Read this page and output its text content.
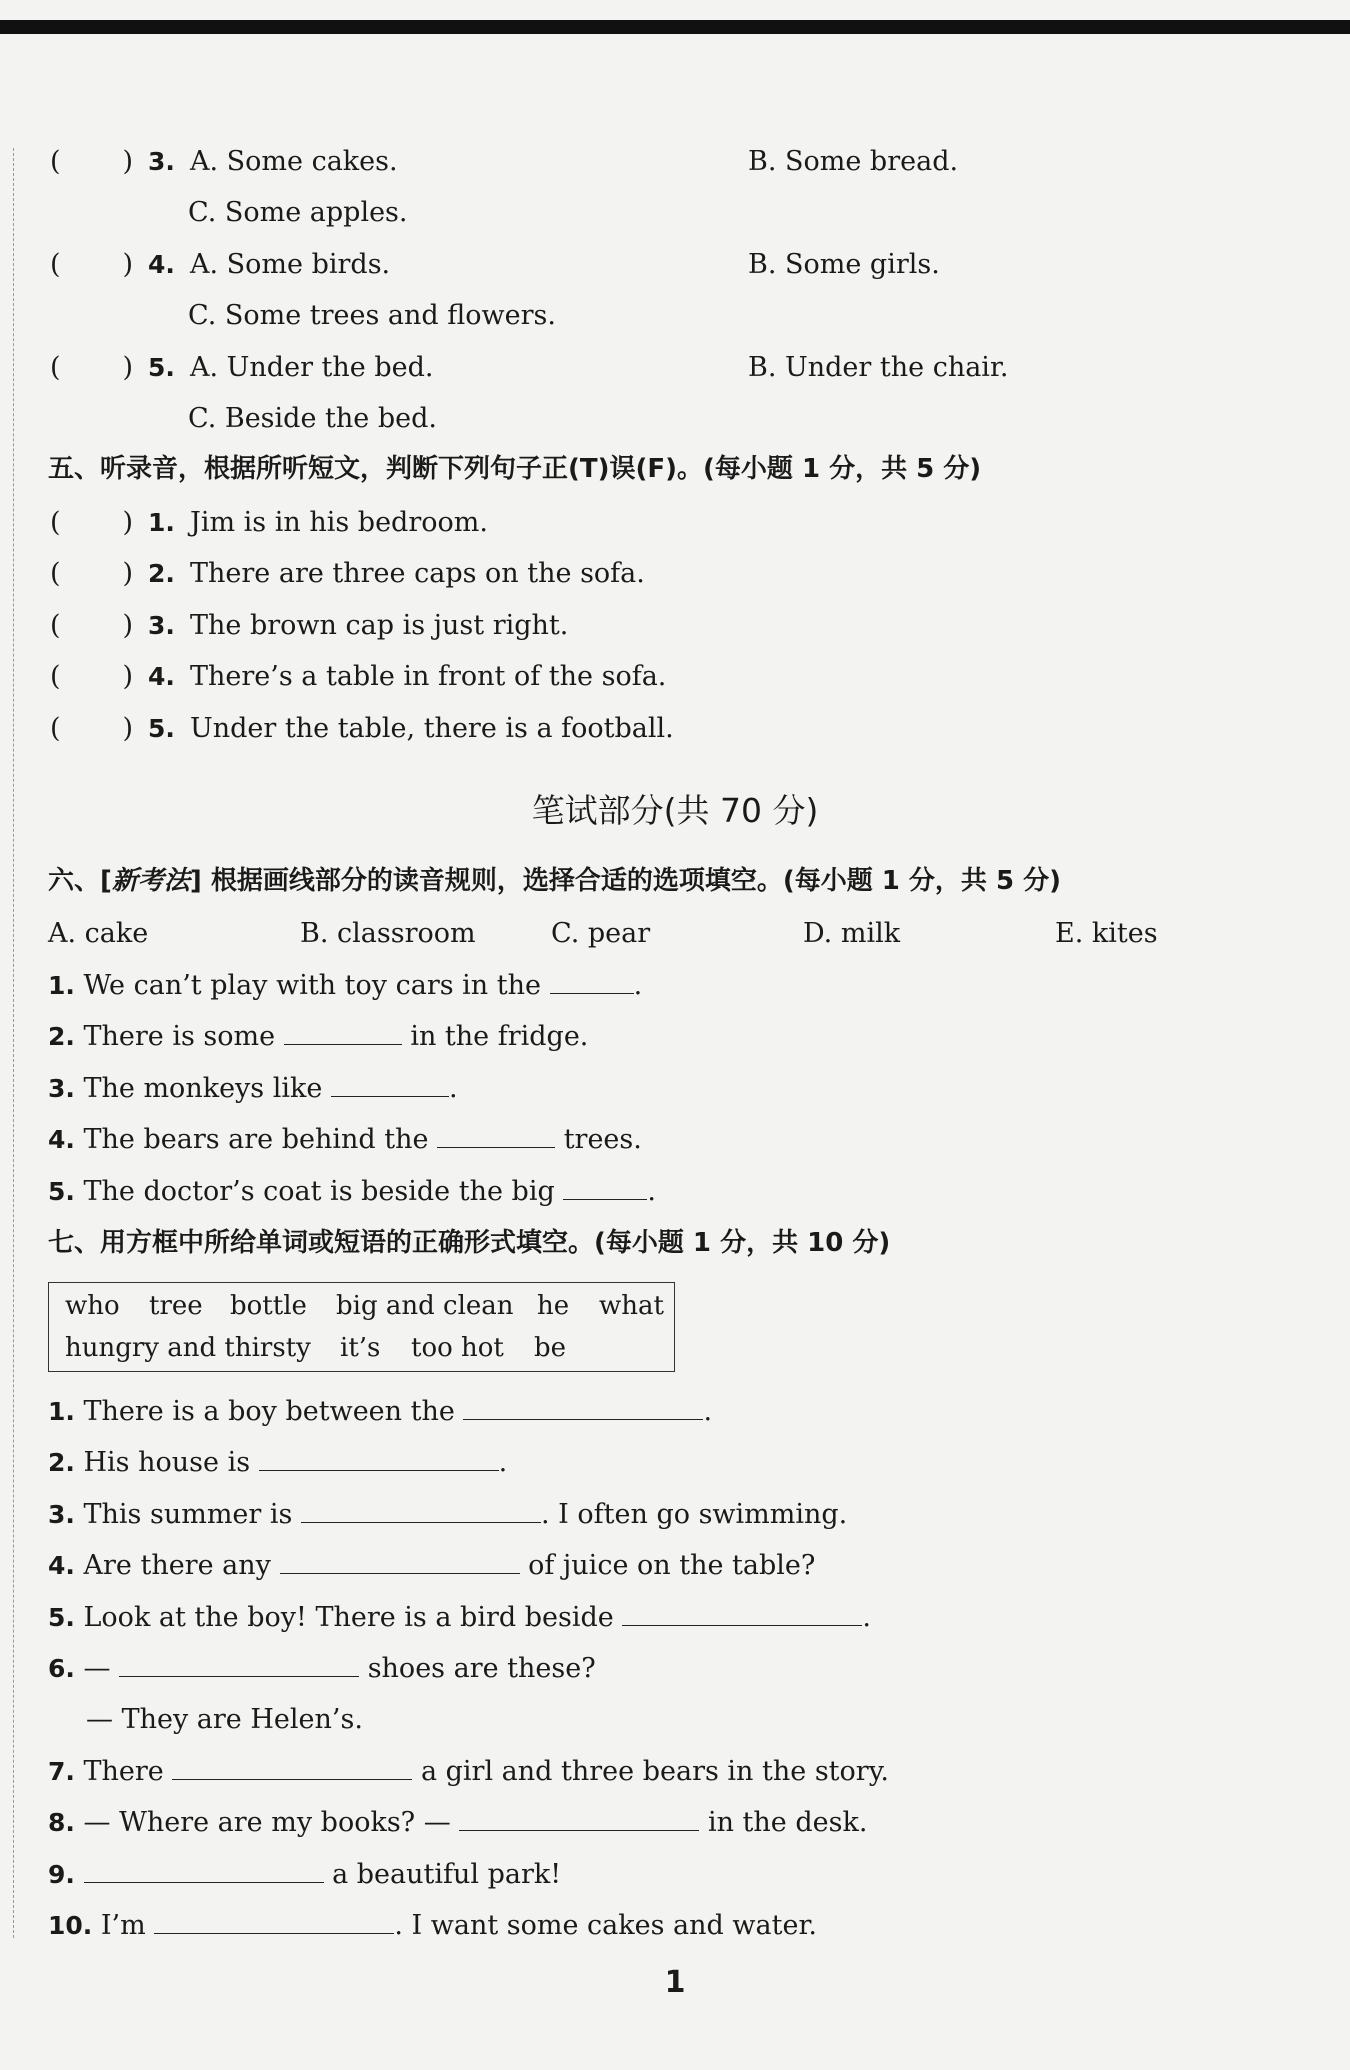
( ) 3. A. Some cakes.	B. Some bread.
C. Some apples.
( ) 4. A. Some birds.	B. Some girls.
C. Some trees and flowers.
( ) 5. A. Under the bed.	B. Under the chair.
C. Beside the bed.
五、听录音，根据所听短文，判断下列句子正(T)误(F)。(每小题 1 分，共 5 分)
( ) 1. Jim is in his bedroom.
( ) 2. There are three caps on the sofa.
( ) 3. The brown cap is just right.
( ) 4. There’s a table in front of the sofa.
( ) 5. Under the table, there is a football.
笔试部分(共 70 分)
六、[新考法] 根据画线部分的读音规则，选择合适的选项填空。(每小题 1 分，共 5 分)
A. cake	B. classroom	C. pear	D. milk	E. kites
1. We can’t play with toy cars in the	.
2. There is some	in the fridge.
3. The monkeys like	.
4. The bears are behind the	trees.
5. The doctor’s coat is beside the big	.
七、用方框中所给单词或短语的正确形式填空。(每小题 1 分，共 10 分)
who tree bottle big and clean he what
hungry and thirsty it’s too hot be
1. There is a boy between the	.
2. His house is	.
3. This summer is	. I often go swimming.
4. Are there any	of juice on the table?
5. Look at the boy! There is a bird beside	.
6. —	shoes are these?
— They are Helen’s.
7. There	a girl and three bears in the story.
8. — Where are my books? —	in the desk.
9.	a beautiful park!
10. I’m	. I want some cakes and water.
1
